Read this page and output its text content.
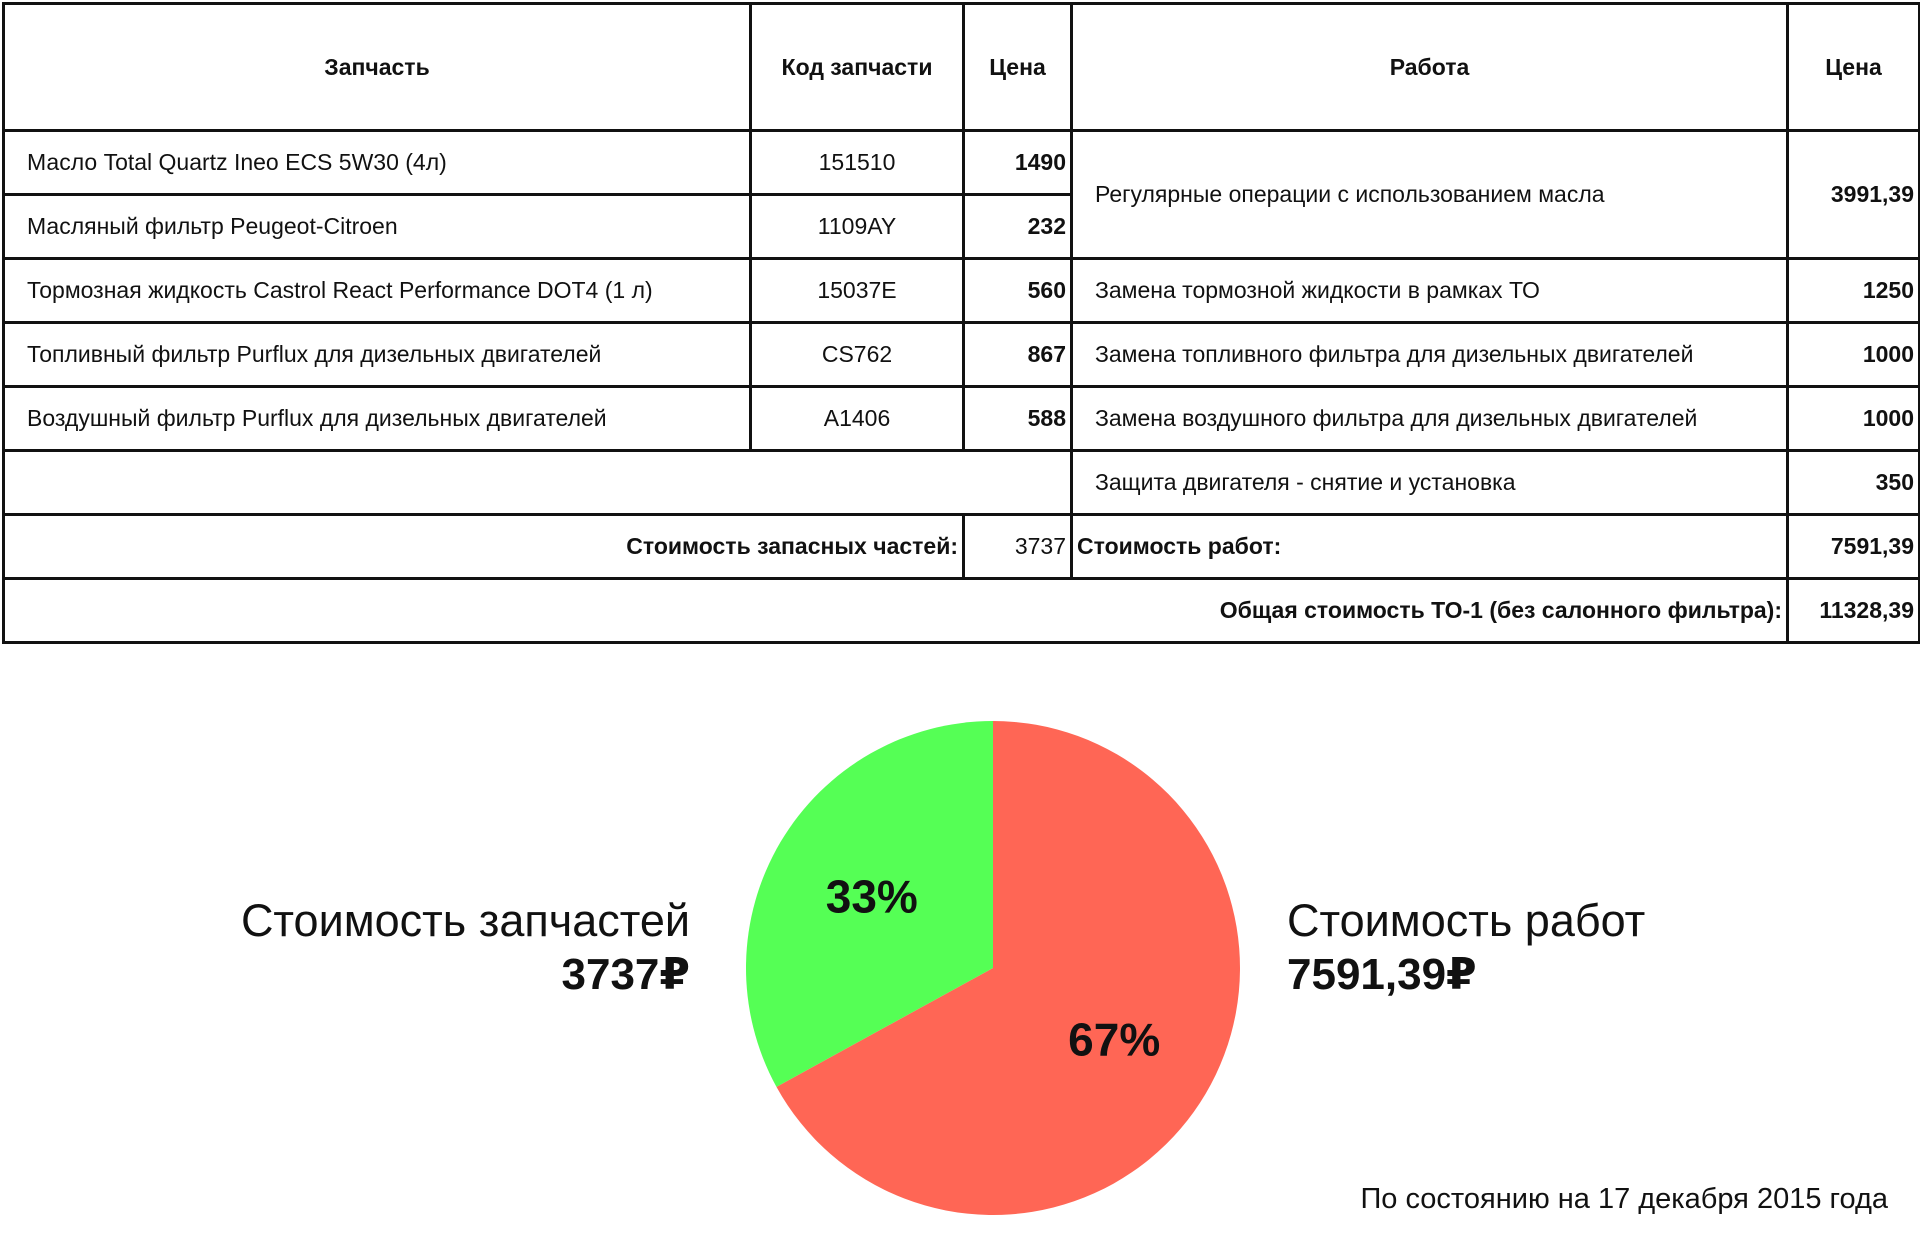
Запчасть	Код запчасти	Цена	Работа	Цена
Масло Total Quartz Ineo ECS 5W30 (4л)	151510	1490	Регулярные операции с использованием масла	3991,39
Масляный фильтр Peugeot-Citroen	1109AY	232		
Тормозная жидкость Castrol React Performance DOT4 (1 л)	15037E	560	Замена тормозной жидкости в рамках ТО	1250
Топливный фильтр Purflux для дизельных двигателей	CS762	867	Замена топливного фильтра для дизельных двигателей	1000
Воздушный фильтр Purflux для дизельных двигателей	A1406	588	Замена воздушного фильтра для дизельных двигателей	1000
			Защита двигателя - снятие и установка	350
Стоимость запасных частей:		3737	Стоимость работ:	7591,39
Общая стоимость ТО-1 (без салонного фильтра):				11328,39
33%
67%
Стоимость запчастей
3737₽
Стоимость работ
7591,39₽
По состоянию на 17 декабря 2015 года
